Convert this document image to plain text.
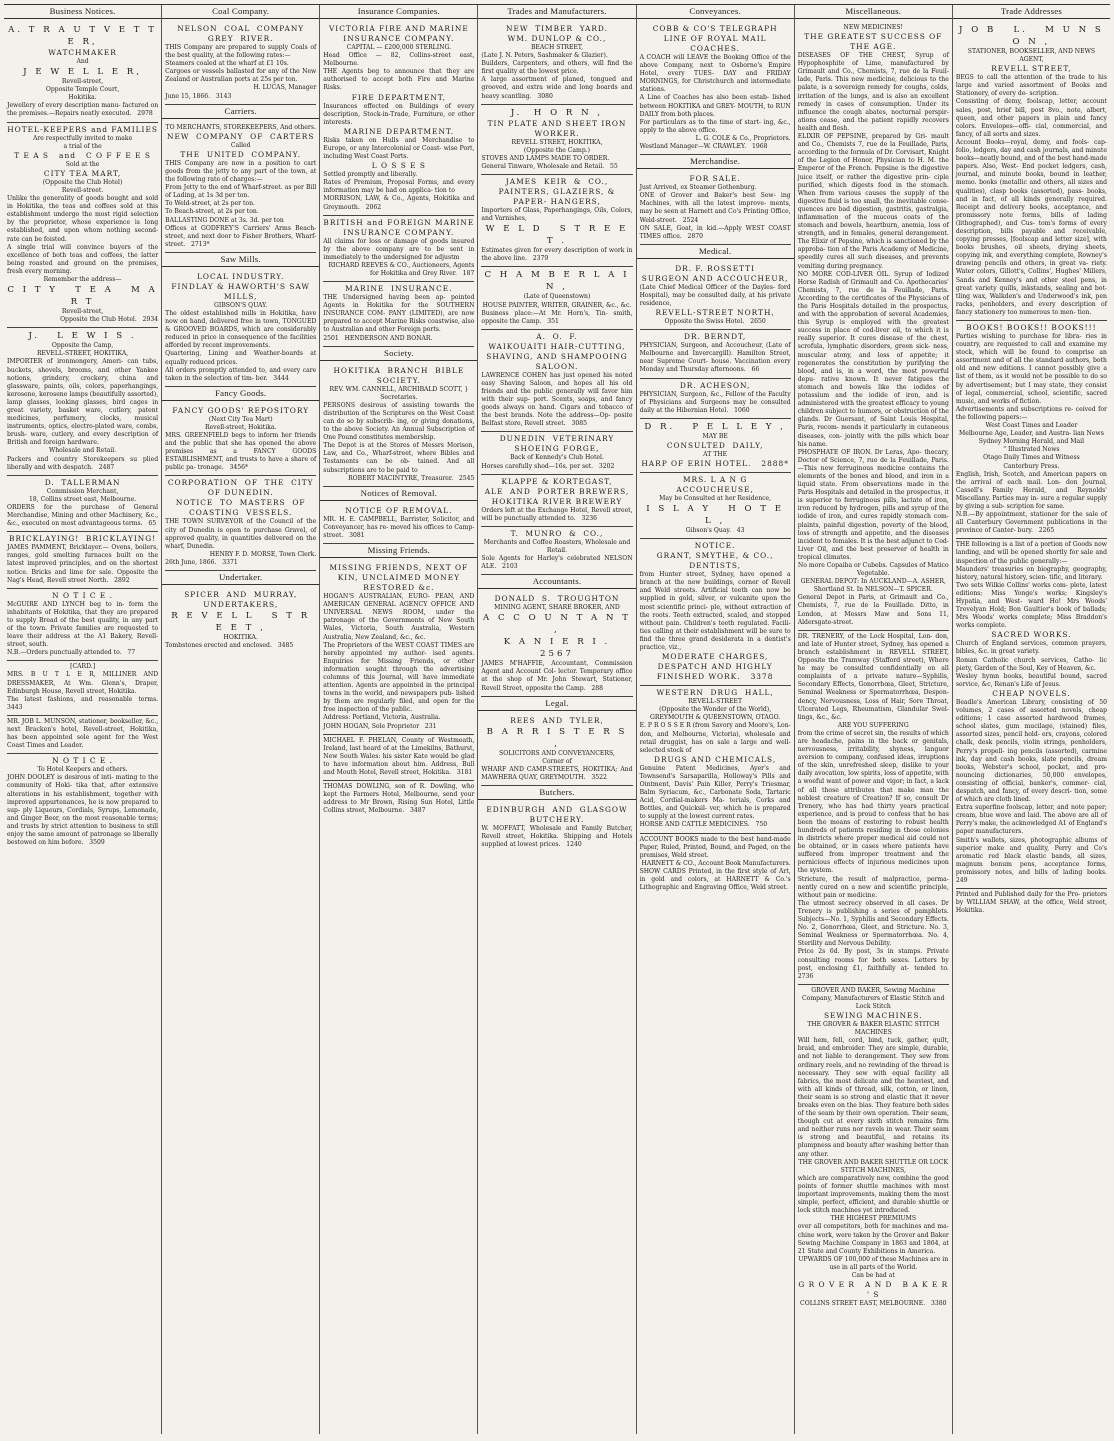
Business Notices.

A. T R A U T V E T T E R,

WATCHMAKER

And

J E W E L L E R,

Revell-street,

Opposite Temple Court,

Hokitika.

Jewellery of every description manu- factured on the premises.—Repairs neatly executed.   2978

HOTEL-KEEPERS and FAMILIES

Are respectfully invited to make

a trial of the

T E A S   and   C O F F E E S

Sold at the

CITY TEA MART,

(Opposite the Club Hotel)

Revell-street.

Unlike the generality of goods bought and sold in Hokitika, the teas and coffees sold at this establishment undergo the most rigid selection by the proprietor, whose experience is long established, and upon whom nothing second-rate can be foisted.

A single trial will convince buyers of the excellence of both teas and coffees, the latter being roasted and ground on the premises, fresh every morning.

Remember the address—

C I T Y   T E A   M A R T

Revell-street,

Opposite the Club Hotel.   2934

J.   L E W I S .

Opposite the Camp,

REVELL-STREET, HOKITIKA,

IMPORTER of ironmongery, Ameri- can tubs, buckets, shovels, brooms, and other Yankee notions, grindery, crockery, china and glassware, paints, oils, colors, paperhangings, kerosene, kerosene lamps (beautifully assorted), lamp glasses, looking glasses, bird cages in great variety, basket ware, cutlery, patent medicines, perfumery, clocks, musical instruments, optics, electro-plated ware, combs, brush- ware, cutlery, and every description of British and foreign hardware.

Wholesale and Retail.

Packers and country Storekeepers su plied liberally and with despatch.   2487

D.  TALLERMAN

Commission Merchant,

18, Collins street east, Melbourne.

ORDERS for the purchase of General Merchandise, Mining and other Machinery, &c., &c., executed on most advantageous terms.   65

BRICKLAYING!  BRICKLAYING!

JAMES PAMMENT, Bricklayer.— Ovens, boilers, ranges, gold smelting furnaces built on the latest improved principles, and on the shortest notice. Bricks and lime for sale. Opposite the Nag's Head, Revell street North.   2892

N O T I C E .

McGUIRE AND LYNCH beg to in- form the inhabitants of Hokitika, that they are prepared to supply Bread of the best quality, in any part of the town. Private families are requested to leave their address at the A1 Bakery, Revell-street, south.

N.B.—Orders punctually attended to.   77

[CARD.]

MRS. B U T L E R, MILLINER AND DRESSMAKER, At Wm. Glenn's, Draper, Edinburgh House, Revell street, Hokitika.

The latest fashions, and reasonable terms.   3443

MR. JOB L. MUNSON, stationer, bookseller, &c., next Bracken's hotel, Revell-street, Hokitika, has been appointed sole agent for the West Coast Times and Leader.

N O T I C E .

To Hotel Keepers and others.

JOHN DOOLEY is desirous of inti- mating to the community of Hoki- tika that, after extensive alterations in his establishment, together with improved appurtenances, he is now prepared to sup- ply Liqueurs, Cordials, Syrups, Lemonade, and Ginger Beer, on the most reasonable terms; and trusts by strict attention to business to still enjoy the same amount of patronage so liberally bestowed on him before.   3509

Coal Company.

NELSON  COAL  COMPANY

GREY  RIVER.

THIS Company are prepared to supply Coals of the best quality, at the following rates:—

Steamers coaled at the wharf at £1 10s.

Cargoes or vessels ballasted for any of the New Zealand or Australian ports at 25s per ton.

H. LUCAS, Manager

June 15, 1866.   3143

Carriers.

TO MERCHANTS, STOREKEEPERS, And others.

NEW  COMPANY  OF  CARTERS

Called

THE  UNITED  COMPANY.

THIS Company are now in a position to cart goods from the jetty to any part of the town, at the following rate of charges:—

From Jetty to the end of Wharf-street. as per Bill of Lading, at 1s 3d per ton.

To Weld-street, at 2s per ton.

To Beach-street, at 2s per ton.

BALLASTING DONE at 3s. 3d. per ton

Offices at GODFREY'S Carriers' Arms Beach-street, and next door to Fisher Brothers, Wharf-street.   2713*

Saw Mills.

LOCAL INDUSTRY.

FINDLAY & HAWORTH'S SAW MILLS,

GIBSON'S QUAY.

The oldest established mills in Hokitika, have now on hand, delivered free in town, TONGUED & GROOVED BOARDS, which are considerably reduced in price in consequence of the facilities afforded by recent improvements.

Quartering, Lining and Weather-boards at equally reduced prices.

All orders promptly attended to, and every care taken in the selection of tim- ber.   3444

Fancy Goods.

FANCY GOODS' REPOSITORY

(Next City Tea Mart)

Revell-street, Hokitika.

MRS. GREENFIELD begs to inform her friends and the public that she has opened the above premises as a FANCY GOODS ESTABLISHMENT, and trusts to have a share of public pa- tronage.   3456*

CORPORATION  OF  THE  CITY  OF DUNEDIN.

NOTICE  TO  MASTERS  OF COASTING  VESSELS.

THE TOWN SURVEYOR of the Council of the city of Dunedin is open to purchase Gravel, of approved quality, in quantities delivered on the wharf, Dunedin.

HENRY F. D. MORSE, Town Clerk.

26th June, 1866.   3371

Undertaker.

SPICER  AND  MURRAY,

UNDERTAKERS,

R E V E L L   S T R E E T ,

HOKITIKA.

Tombstones erected and enclosed.   3485

Insurance Companies.

VICTORIA FIRE AND MARINE INSURANCE COMPANY.

CAPITAL — £200,000 STERLING.

Head Office — 82, Collins-street east, Melbourne.

THE Agents beg to announce that they are authorised to accept both Fire and Marine Risks.

FIRE DEPARTMENT,

Insurances effected on Buildings of every description, Stock-in-Trade, Furniture, or other interests.

MARINE DEPARTMENT.

Risks taken on Hulls and Merchandise to Europe, or any Intercolonial or Coast- wise Port, including West Coast Ports.

L O S S E S

Settled promptly and liberally.

Rates of Premium, Proposal Forms, and every information may be had on applica- tion to

MORRISON, LAW, & Co., Agents, Hokitika and Greymouth.   2062

BRITISH and FOREIGN MARINE INSURANCE COMPANY.

All claims for loss or damage of goods insured by the above company are to be sent in immediately to the undersigned for adjustm

RICHARD REEVES & CO., Auctioneers, Agents for Hokitika and Grey River.   187

MARINE  INSURANCE.

THE Undersigned having been ap- pointed Agents in Hokitika for the SOUTHERN INSURANCE COM- PANY (LIMITED), are now prepared to accept Marine Risks coastwise, also to Australian and other Foreign ports.

2501   HENDERSON AND BONAR.

Society.

HOKITIKA  BRANCH  BIBLE SOCIETY.

REV. WM. CANNELL, ARCHIBALD SCOTT, } Secretaries.

PERSONS desirous of assisting towards the distribution of the Scriptures on the West Coast can do so by subscrib- ing, or giving donations, to the above Society. An Annual Subscription of One Pound constitutes membership.

The Depot is at the Stores of Messrs Morison, Law, and Co., Wharf-street, where Bibles and Testaments can be ob- tained. And all subscriptions are to be paid to

ROBERT MACINTYRE, Treasurer.   2545

Notices of Removal.

NOTICE OF REMOVAL.

MR. H. E. CAMPBELL, Barrister, Solicitor, and Conveyancer, has re- moved his offices to Camp-street.   3081

Missing Friends.

MISSING FRIENDS, NEXT OF KIN, UNCLAIMED MONEY RESTORED &c.

HOGAN'S AUSTRALIAN, EURO- PEAN, AND AMERICAN GENERAL AGENCY OFFICE AND UNIVERSAL NEWS ROOM, under the patronage of the Governments of New South Wales, Victoria, South Australia, Western Australia, New Zealand, &c., &c.

The Proprietors of the WEST COAST TIMES are hereby appointed my author- ised agents. Enquiries for Missing Friends, or other information sought through the advertising columns of this Journal, will have immediate attention. Agents are appointed in the principal towns in the world, and newspapers pub- lished by them are regularly filed, and open for the free inspection of the public.

Address: Portland, Victoria, Australia.

JOHN HOGAN, Sole Proprietor   231

MICHAEL F. PHELAN, County of Westmeath, Ireland, last heard of at the Limekilns, Bathurst, New South Wales: his sister Kate would be glad to have information about him. Address, Bull and Mouth Hotel, Revell street, Hokitika.   3181

THOMAS DOWLING, son of R. Dowling, who kept the Farmers Hotel, Melbourne, send your address to Mr Brown, Rising Sun Hotel, Little Collins street, Melbourne.   3487

Trades and Manufacturers.

NEW  TIMBER  YARD.

WM. DUNLOP & CO.,

BEACH STREET,

(Late J. N. Peters, Sashmaker & Glazier).

Builders, Carpenters, and others, will find the first quality at the lowest price.

A large assortment of planed, tongued and grooved, and extra wide and long boards and heavy scantling.   3080

J.  H O R N ,

TIN PLATE AND SHEET IRON WORKER.

REVELL STREET, HOKITIKA,

(Opposite the Camp.)

STOVES AND LAMPS MADE TO ORDER.

General Tinware, Wholesale and Retail.   55

JAMES  KEIR  &  CO.,

PAINTERS, GLAZIERS, & PAPER- HANGERS,

Importers of Glass, Paperhangings, Oils, Colors, and Varnishes,

W E L D   S T R E E T .

Estimates given for every description of work in the above line.   2379

C H A M B E R L A I N ,

(Late of Queenstown)

HOUSE PAINTER, WRITER, GRAINER, &c., &c.

Business place:—At Mr. Horn's, Tin- smith, opposite the Camp.   351

A.  O.  F.

WAIKOUAITI HAIR-CUTTING, SHAVING, AND SHAMPOOING SALOON.

LAWRENCE COHEN has just opened his noted easy Shaving Saloon, and hopes all his old friends and the public generally will favor him with their sup- port. Scents, soaps, and fancy goods always on hand. Cigars and tobacco of the best brands. Note the address—Op- posite Belfast store, Revell street.   3085

DUNEDIN  VETERINARY SHOEING FORGE,

Back of Kennedy's Club Hotel.

Horses carefully shod—16s. per set.   3202

KLAPPE & KORTEGAST,

ALE  AND  PORTER BREWERS,

HOKITIKA RIVER BREWERY

Orders left at the Exchange Hotel, Revell street, will be punctually attended to.   3236

T.  MUNRO  &  CO.,

Merchants and Coffee Roasters, Wholesale and Retail.

Sole Agents for Harley's celebrated NELSON ALE.   2103

Accountants.

DONALD  S.  TROUGHTON

MINING AGENT, SHARE BROKER, AND

A C C O U N T A N T ,

K A N I E R I .   2567

JAMES M'HAFFIE, Accountant, Commission Agent and Account Col- lector. Temporary office at the shop of Mr. John Stewart, Stationer, Revell Street, opposite the Camp.   288

Legal.

REES  AND  TYLER,

B A R R I S T E R S ,

SOLICITORS AND CONVEYANCERS,

Corner of

WHARF AND CAMP-STREETS, HOKITIKA; And MAWHERA QUAY, GREYMOUTH.   3522

Butchers.

EDINBURGH  AND  GLASGOW BUTCHERY.

W. MOFFATT, Wholesale and Family Butcher, Revell street, Hokitika. Shipping and Hotels supplied at lowest prices.   1240

Conveyances.

COBB & CO'S TELEGRAPH LINE OF ROYAL MAIL COACHES.

A COACH will LEAVE the Booking Office of the above Company, next to Osborne's Empire Hotel, every TUES- DAY and FRIDAY MORNINGS, for Christchurch and intermediate stations.

A Line of Coaches has also been estab- lished between HOKITIKA and GREY- MOUTH, to RUN DAILY from both places.

For particulars as to the time of start- ing, &c., apply to the above office.

L. G. COLE & Co., Proprietors.

Westland Manager—W. CRAWLEY.   1968

Merchandise.

FOR SALE.

Just Arrived, ex Steamer Gothenburg.

ONE of Grover and Baker's best Sew- ing Machines, with all the latest improve- ments, may be seen at Harnett and Co's Printing Office, Weld-street.   2524

ON SALE, Goat, in kid.—Apply WEST COAST TIMES office.   2870

Medical.

DR. F. ROSSETTI

SURGEON AND ACCOUCHEUR,

(Late Chief Medical Officer of the Dayles- ford Hospital), may be consulted daily, at his private residence,

REVELL-STREET NORTH,

Opposite the Swiss Hotel.   2650

DR. BERNDT,

PHYSICIAN, Surgeon, and Accoucheur, (Late of Melbourne and Invercargill). Hamilton Street, near Supreme Court- house. Vaccination every Monday and Thursday afternoons.   66

DR. ACHESON,

PHYSICIAN, Surgeon, &c., Fellow of the Faculty of Physicians and Surgeons may be consulted daily at the Hibernian Hotel.   1060

D R.   P E L L E Y ,

MAY BE

CONSULTED  DAILY,

AT THE

HARP OF ERIN HOTEL.   2888*

MRS. L A N G

ACCOUCHEUSE,

May be Consulted at her Residence,

I S L A Y   H O T E L ,

Gibson's Quay.   43

NOTICE.

GRANT, SMYTHE, & CO., DENTISTS,

from Hunter street, Sydney, have opened a branch at the new buildings, corner of Revell and Weld streets. Artificial teeth can now be supplied in gold, silver, or vulcanite upon the most scientific princi- ple, without extraction of the roots. Teeth extracted, scaled, and stopped without pain. Children's teeth regulated. Facili- ties calling at their establishment will be sure to find the three grand desiderata in a dentist's practice, viz.,

MODERATE CHARGES, DESPATCH AND HIGHLY FINISHED WORK.   3378

WESTERN  DRUG  HALL,

REVELL-STREET

(Opposite the Wonder of the World),

GREYMOUTH & QUEENSTOWN, OTAGO.

E. P R O S S E R (from Savory and Moore's, Lon- don, and Melbourne, Victoria), wholesale and retail druggist, has on sale a large and well-selected stock of

DRUGS AND CHEMICALS,

Genuine Patent Medicines, Ayer's and Townsend's Sarsaparilla, Holloway's Pills and Ointment, Davis' Pain Killer, Perry's Triesmar, Balm Syriacum, &c., Carbonate Soda, Tartaric Acid, Cordial-makers Ma- terials, Corks and Bottles, and Quicksil- ver, which he is prepared to supply at the lowest current rates.

HORSE AND CATTLE MEDICINES.   750

ACCOUNT BOOKS made to the best hand-made Paper, Ruled, Printed, Bound, and Paged, on the premises, Weld street.

HARNETT & CO., Account Book Manufacturers.

SHOW CARDS Printed, in the first style of Art, in gold and colors, at HARNETT & Co.'s Lithographic and Engraving Office, Weld street.

Miscellaneous.

NEW MEDICINES!

THE GREATEST SUCCESS OF THE AGE.

DISEASES OF THE CHEST, Syrup of Hypophosphite of Lime, manufactured by Grimault and Co., Chemists, 7, rue de la Feuil- lade, Paris. This new medicine, delicious to the palate, is a sovereign remedy for coughs, colds, irritation of the lungs, and is also an excellent remedy in cases of consumption. Under its influence the cough abates, nocturnal perspir- ations cease, and the patient rapidly recovers health and flesh.

ELIXIR OF PEPSINE, prepared by Gri- mault and Co., Chemists 7, rue de la Feuillade, Paris, according to the formula of Dr. Corvisart, Knight of the Legion of Honor, Physician to H. M. the Emperor of the French. Pepsine is the digestive juice itself, or rather the digestive prin- ciple purified, which digests food in the stomach. When from various causes the supply of the digestive fluid is too small, the inevitable conse- quences are bad digestion, gastritis, gastralgia, inflammation of the mucous coats of the stomach and bowels, heartburn, anemia, loss of strength, and in females, general derangement. The Elixir of Pepsine, which is sanctioned by the approba- tion of the Paris Academy of Medicine, speedily cures all such diseases, and prevents vomiting during pregnancy.

NO MORE COD-LIVER OIL. Syrup of Iodized Horse Radish of Grimault and Co. Apothecaries' Chemists, 7, rue de la Feuillade, Paris. According to the certificates of the Physicians of the Paris Hospitals detailed in the prospectus, and with the approbation of several Academies, this Syrup is employed with the greatest success in place of cod-liver oil, to which it is really superior. It cures disease of the chest, scrofula, lymphatic disorders, green sick- ness, muscular atony, and loss of appetite; it regenerates the constitution by purifying the blood, and is, in a word, the most powerful depu- rative known. It never fatigues the stomach and bowels like the iodides of potassium and the iodide of iron, and is administered with the greatest efficacy to young children subject to humors, or obstruction of the glands. Dr Guersant, of Saint Louis Hospital, Paris, recom- mends it particularly in cutaneous diseases, con- jointly with the pills which bear his name.

PHOSPHATE OF IRON. Dr Leras, Apo- thecary, Doctor of Science, 7, rue de la Feuillade, Paris.—This new ferruginous medicine contains the elements of the bones and blood, and iron in a liquid state. From observations made in the Paris Hospitals and detailed in the prospectus, it is superior to ferruginous pills, lactate of iron, iron reduced by hydrogen, pills and syrup of the iodide of iron, and cures rapidly stomach com- plaints, painful digestion, poverty of the blood, loss of strength and appetite, and the diseases incident to females. It is the best adjunct to Cod-Liver Oil, and the best preserver of health in tropical climates.

No more Copaiba or Cubebs. Capsules of Matico Vegetable.

GENERAL DEPOT: In AUCKLAND—A. ASHER, Shortland St. In NELSON—T. SPICER.

General Depot in Paris, at Grimault and Co., Chemists, 7, rue de la Feuillade. Ditto, in London, at Messrs Maw and Sons 11, Aldersgate-street.

DR. TRENERY, of the Lock Hospital, Lon- don, and late of Hunter street, Sydney, has opened a branch establishment in REVELL STREET, Opposite the Tramway (Stafford street), Where he may be consulted confidentially on all complaints of a private nature—Syphilis, Secondary Effects, Gonorrhœa, Gleet, Stricture, Seminal Weakness or Spermatorrhœa, Despon- dency, Nervousness, Loss of Hair, Sore Throat, Ulcerated Legs, Rheumatism, Glandular Swel- lings, &c., &c.

ARE YOU SUFFERING

from the crime of secret sin, the results of which are headache, pains in the back or genitals, nervousness, irritability, shyness, languor aversion to company, confused ideas, irruptions of the skin, unrefreshed sleep, dislike to your daily avocation, low spirits, loss of appetite, with a woeful want of power and vigor; in fact, a lack of all those attributes that make man the noblest creature of Creation? If so, consult Dr Trenery, who has had thirty years practical experience, and is proud to confess that he has been the means of restoring to robust health hundreds of patients residing in those colonies in districts where proper medical aid could not be obtained, or in cases where patients have suffered from improper treatment and the pernicious effects of injurious medicines upon the system.

Stricture, the result of malpractice, perma- nently cured on a new and scientific principle, without pain or medicine.

The utmost secrecy observed in all cases. Dr Trenery is publishing a series of pamphlets. Subjects—No. 1, Syphilis and Secondary Effects. No. 2, Gonorrhœa, Gleet, and Stricture. No. 3, Seminal Weakness or Spermatorrhœa. No. 4, Sterility and Nervous Debility.

Price 2s 6d. By post, 3s in stamps. Private consulting rooms for both sexes. Letters by post, enclosing £1, faithfully at- tended to.   2736

GROVER AND BAKER, Sewing Machine Company, Manufacturers of Elastic Stitch and Lock Stitch

SEWING MACHINES.

THE GROVER & BAKER ELASTIC STITCH MACHINES

Will hem, fell, cord, bind, tuck, gather, quilt, braid, and embroider. They are simple, durable, and not liable to derangement. They sew from ordinary reels, and no rewinding of the thread is necessary. They sew with equal facility all fabrics, the most delicate and the heaviest, and with all kinds of thread, silk, cotton, or linen, their seam is so strong and elastic that it never breaks even on the bias. They feature both sides of the seam by their own operation. Their seam, though cut at every sixth stitch remains firm and neither runs nor ravels in wear. Their seam is strong and beautiful, and retains its plumpness and beauty after washing better than any other.

THE GROVER AND BAKER SHUTTLE OR LOCK STITCH MACHINES,

which are comparatively new, combine the good points of former shuttle machines with most important improvements, making them the most simple, perfect, efficient, and durable shuttle or lock stitch machines yet introduced.

THE HIGHEST PREMIUMS

over all competitors, both for machines and ma- chine work, were taken by the Grover and Baker Sewing Machine Company in 1863 and 1864, at 21 State and County Exhibitions in America.

UPWARDS OF 100,000 of these Machines are in use in all parts of the World.

Can be had at

G R O V E R   A N D   B A K E R ' S

COLLINS STREET EAST, MELBOURNE.   3380

Trade Addresses

J O B   L.   M U N S O N ,

STATIONER, BOOKSELLER, AND NEWS AGENT,

REVELL STREET,

BEGS to call the attention of the trade to his large and varied assortment of Books and Stationery, of every de- scription.

Consisting of demy, foolscap, letter, account sales, post, brief bill, post 8vo., note, albert, queen, and other papers in plain and fancy colors. Envelopes—offi- cial, commercial, and fancy, of all sorts and sizes.

Account Books—royal, demy, and fools- cap-folio, ledgers, day and cash journals, and minute books—neatly bound, and of the best hand-made papers. Also, West- End pocket ledgers, cash, journal, and minute books, bound in leather, memo. books (metallic and others, all sizes and qualities), clasp books (assorted), pass- books, and in fact, of all kinds generally required. Receipt and delivery books, acceptance, and promissory note forms, bills of lading (lithographed), and Cus- tom's forms of every description, bills payable and receivable, copying presses, [foolscap and letter size], with books brushes, oil sheets, drying sheets, copying ink, and everything complete, Rowney's drawing pencils and others, in great va- riety. Water colors, Gillott's, Collins', Hughes' Millers, Sands and Kenney's and other steel pens, in great variety quills, inkstands, sealing and bot- tling wax, Walkden's and Underwood's ink, pen racks, penholders, and every description of fancy stationery too numerous to men- tion.

BOOKS! BOOKS!! BOOKS!!!

Parties wishing to purchase for libra- ries in country, are requested to call and examine my stock, which will be found to comprise an assortment and of all the standard authors, both old and new editions. I cannot possibly give a list of them, as it would not be possible to do so by advertisement; but I may state, they consist of legal, commercial, school, scientific, sacred music, and works of fiction.

Advertisements and subscriptions re- ceived for the following papers:—

West Coast Times and Leader

Melbourne Age, Leader, and Austra- lian News

Sydney Morning Herald, and Mail

" Illustrated News

Otago Daily Times and Witness

Canterbury Press.

English, Irish, Scotch, and American papers on the arrival of each mail. Lon- don Journal, Cassell's Family Herald, and Reynolds' Miscellany. Parties may in- sure a regular supply by giving a sub- scription for same.

N.B.—By appointment, stationer for the sale of all Canterbury Government publications in the province of Canter- bury.   2265

THE following is a list of a portion of Goods now landing, and will be opened shortly for sale and inspection of the public generally:—

Maunders' treasuries on biography, geography, history, natural history, scien- tific, and literary.

Two sets Wilkie Collins' works com- plete, latest editions; Miss Yonge's works; Kingsley's Hypatia, and West- ward Ho! Mrs Woods' Trevelyan Hold; Bon Gaultier's book of ballads; Mrs Woods' works complete; Miss Braddon's works complete.

SACRED WORKS.

Church of England services, common prayers, bibles, &c. in great variety.

Roman Catholic church services, Catho- lic piety, Garden of the Soul, Key of Heaven, &c.

Wesley hymn books, beautiful bound, sacred service, &c, Renan's Life of Jesus.

CHEAP NOVELS.

Beadle's American Library, consisting of 50 volumes, 2 cases of assorted novels, cheap editions; 1 case assorted hardwood frames, school slates, gum mucilage, (stained) files, assorted sizes, pencil hold- ers, crayons, colored chalk, desk pencils, violin strings, penholders, Perry's propell- ing pencils (assorted), carmine ink, day and cash books, slate pencils, dream books, Webster's school, pocket, and pro- nouncing dictionaries, 50,000 envelopes, consisting of official, banker's, commer- cial, despatch, and fancy, of every descri- tion, some of which are cloth lined.

Extra superfine foolscap, letter, and note paper; cream, blue wove and laid. The above are all of Perry's make, the acknowledged A1 of England's paper manufacturers.

Smith's wallets, sizes, photographic albums of superior make and quality, Perry and Co's aromatic red black elastic bands, all sizes, magnum bonum pens, acceptance forms, promissory notes, and bills of lading books.   249

Printed and Published daily for the Pro- prietors by WILLIAM SHAW, at the office, Weld street, Hokitika.
